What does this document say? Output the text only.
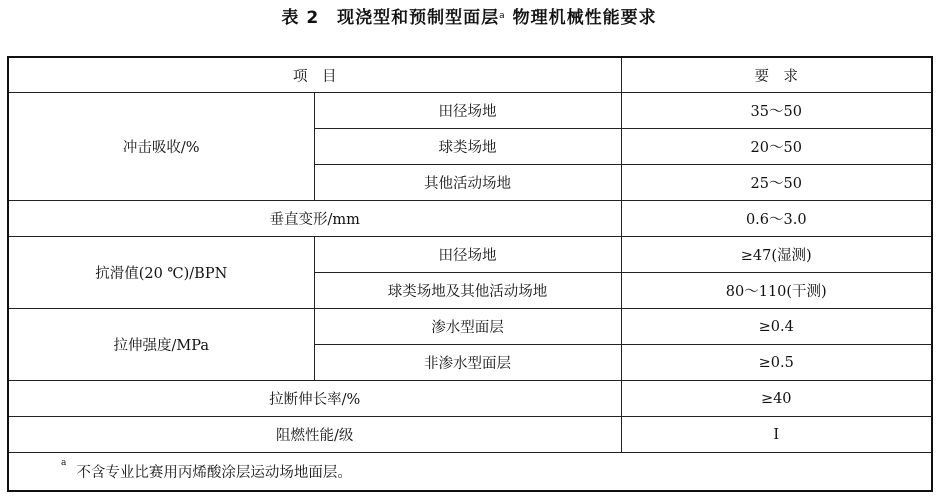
表 2　现浇型和预制型面层$^a$ 物理机械性能要求
项　目		要　求
冲击吸收/%	田径场地	35～50
	球类场地	20～50
	其他活动场地	25～50
垂直变形/mm		0.6～3.0
抗滑值(20 ℃)/BPN	田径场地	≥47(湿测)
	球类场地及其他活动场地	80～110(干测)
拉伸强度/MPa	渗水型面层	≥0.4
	非渗水型面层	≥0.5
拉断伸长率/%		≥40
阻燃性能/级		I
$^a$不含专业比赛用丙烯酸涂层运动场地面层。		
